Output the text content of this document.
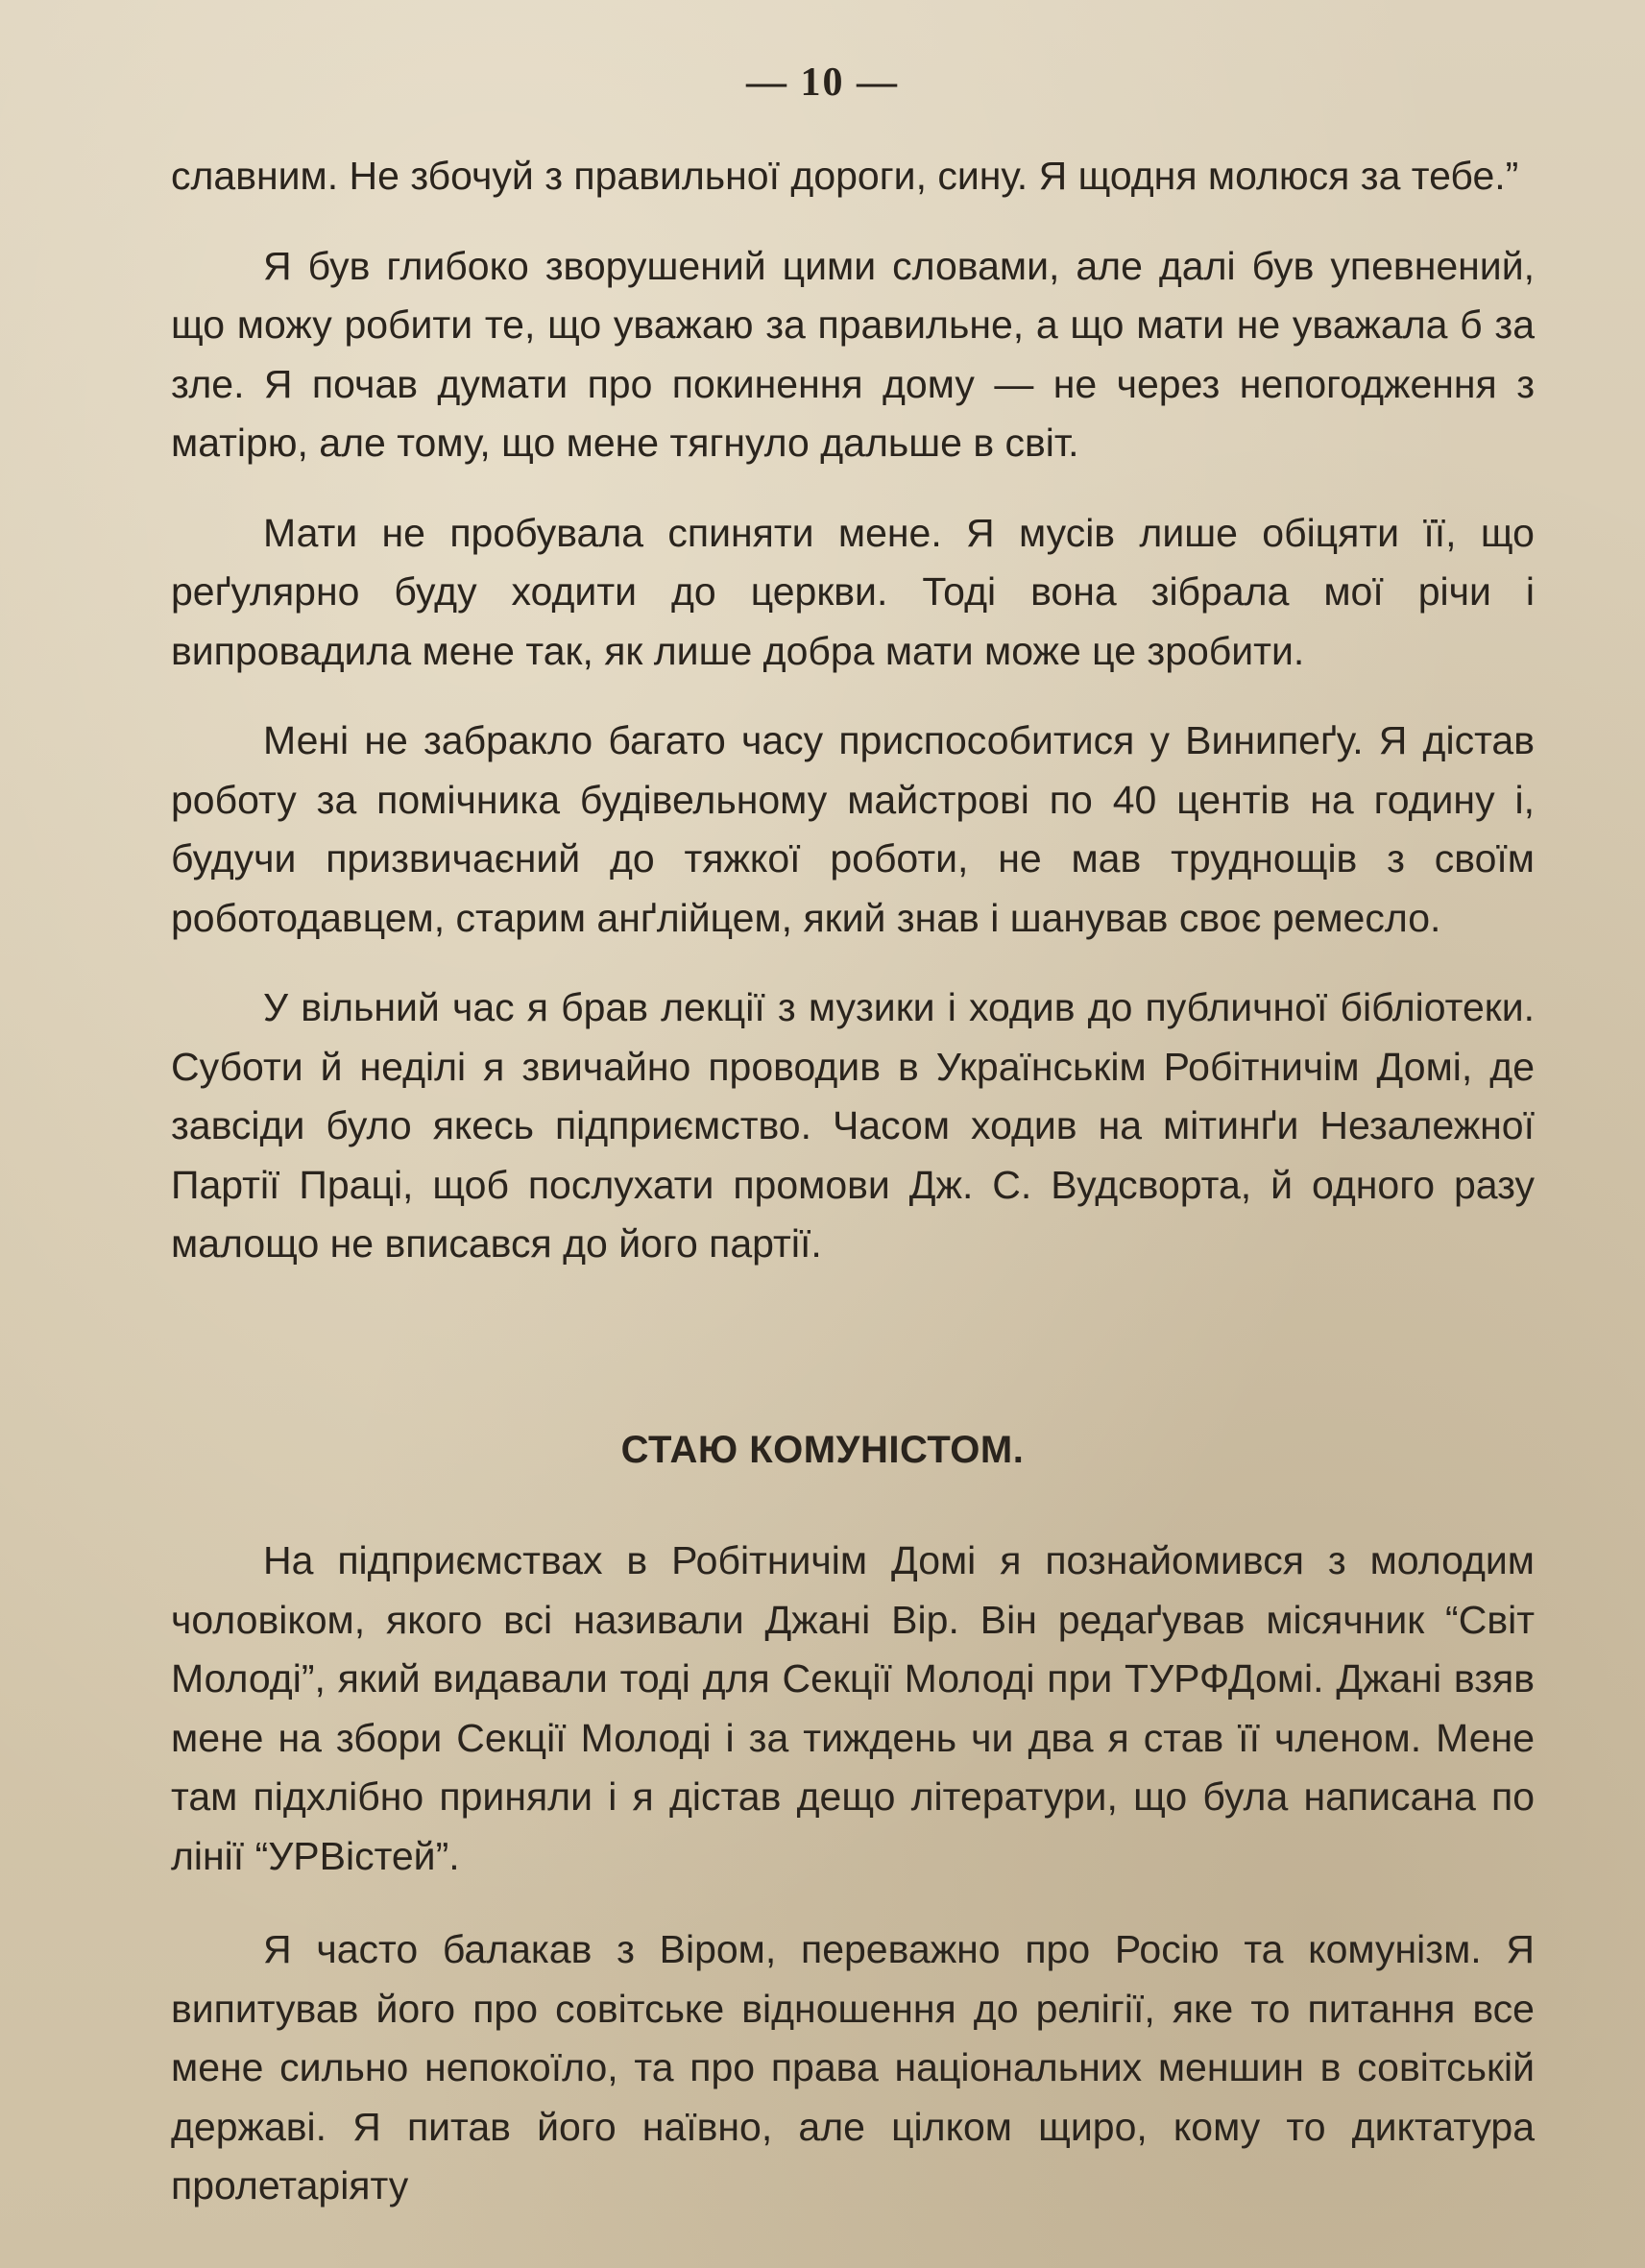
— 10 —

славним. Не збочуй з правильної дороги, сину. Я щодня молюся за тебе.”

Я був глибоко зворушений цими словами, але далі був упевнений, що можу робити те, що уважаю за правильне, а що мати не уважала б за зле. Я почав думати про покинення дому — не через непогодження з матірю, але тому, що мене тягнуло дальше в світ.

Мати не пробувала спиняти мене. Я мусів лише обіцяти її, що реґулярно буду ходити до церкви. Тоді вона зібрала мої річи і випровадила мене так, як лише добра мати може це зробити.

Мені не забракло багато часу приспособитися у Винипеґу. Я дістав роботу за помічника будівельному майстрові по 40 центів на годину і, будучи призвичаєний до тяжкої роботи, не мав труднощів з своїм роботодавцем, старим анґлійцем, який знав і шанував своє ремесло.

У вільний час я брав лекції з музики і ходив до публичної бібліотеки. Суботи й неділі я звичайно проводив в Українськім Робітничім Домі, де завсіди було якесь підприємство. Часом ходив на мітинґи Незалежної Партії Праці, щоб послухати промови Дж. С. Вудсворта, й одного разу малощо не вписався до його партії.

СТАЮ КОМУНІСТОМ.

На підприємствах в Робітничім Домі я познайомився з молодим чоловіком, якого всі називали Джані Вір. Він редаґував місячник “Світ Молоді”, який видавали тоді для Секції Молоді при ТУРФДомі. Джані взяв мене на збори Секції Молоді і за тиждень чи два я став її членом. Мене там підхлібно приняли і я дістав дещо літератури, що була написана по лінії “УРВістей”.

Я часто балакав з Віром, переважно про Росію та комунізм. Я випитував його про совітське відношення до релігії, яке то питання все мене сильно непокоїло, та про права національних меншин в совітській державі. Я питав його наївно, але цілком щиро, кому то диктатура пролетаріяту
